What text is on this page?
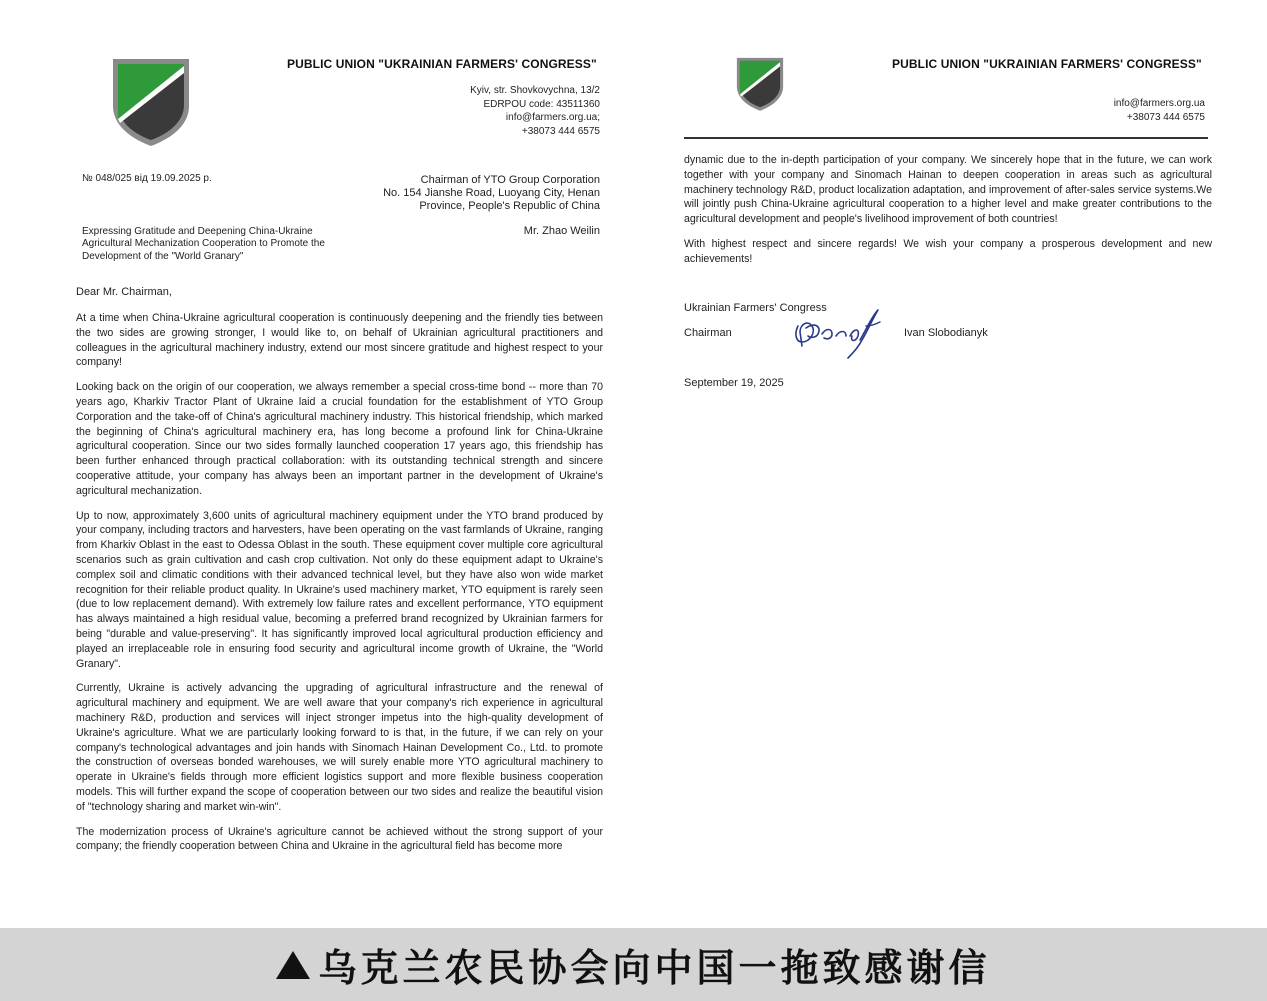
PUBLIC UNION "UKRAINIAN FARMERS' CONGRESS"
Kyiv, str. Shovkovychna, 13/2
EDRPOU code: 43511360
info@farmers.org.ua;
+38073 444 6575
№ 048/025 від 19.09.2025 р.	Chairman of YTO Group Corporation
No. 154 Jianshe Road, Luoyang City, Henan
Province, People's Republic of China
Mr. Zhao Weilin
Expressing Gratitude and Deepening China-Ukraine Agricultural Mechanization Cooperation to Promote the Development of the "World Granary"
Dear Mr. Chairman,

At a time when China-Ukraine agricultural cooperation is continuously deepening and the friendly ties between the two sides are growing stronger, I would like to, on behalf of Ukrainian agricultural practitioners and colleagues in the agricultural machinery industry, extend our most sincere gratitude and highest respect to your company!

Looking back on the origin of our cooperation, we always remember a special cross-time bond -- more than 70 years ago, Kharkiv Tractor Plant of Ukraine laid a crucial foundation for the establishment of YTO Group Corporation and the take-off of China's agricultural machinery industry. This historical friendship, which marked the beginning of China's agricultural machinery era, has long become a profound link for China-Ukraine agricultural cooperation. Since our two sides formally launched cooperation 17 years ago, this friendship has been further enhanced through practical collaboration: with its outstanding technical strength and sincere cooperative attitude, your company has always been an important partner in the development of Ukraine's agricultural mechanization.

Up to now, approximately 3,600 units of agricultural machinery equipment under the YTO brand produced by your company, including tractors and harvesters, have been operating on the vast farmlands of Ukraine, ranging from Kharkiv Oblast in the east to Odessa Oblast in the south. These equipment cover multiple core agricultural scenarios such as grain cultivation and cash crop cultivation. Not only do these equipment adapt to Ukraine's complex soil and climatic conditions with their advanced technical level, but they have also won wide market recognition for their reliable product quality. In Ukraine's used machinery market, YTO equipment is rarely seen (due to low replacement demand). With extremely low failure rates and excellent performance, YTO equipment has always maintained a high residual value, becoming a preferred brand recognized by Ukrainian farmers for being "durable and value-preserving". It has significantly improved local agricultural production efficiency and played an irreplaceable role in ensuring food security and agricultural income growth of Ukraine, the "World Granary".

Currently, Ukraine is actively advancing the upgrading of agricultural infrastructure and the renewal of agricultural machinery and equipment. We are well aware that your company's rich experience in agricultural machinery R&D, production and services will inject stronger impetus into the high-quality development of Ukraine's agriculture. What we are particularly looking forward to is that, in the future, if we can rely on your company's technological advantages and join hands with Sinomach Hainan Development Co., Ltd. to promote the construction of overseas bonded warehouses, we will surely enable more YTO agricultural machinery to operate in Ukraine's fields through more efficient logistics support and more flexible business cooperation models. This will further expand the scope of cooperation between our two sides and realize the beautiful vision of "technology sharing and market win-win".

The modernization process of Ukraine's agriculture cannot be achieved without the strong support of your company; the friendly cooperation between China and Ukraine in the agricultural field has become more

PUBLIC UNION "UKRAINIAN FARMERS' CONGRESS"
info@farmers.org.ua
+38073 444 6575

dynamic due to the in-depth participation of your company. We sincerely hope that in the future, we can work together with your company and Sinomach Hainan to deepen cooperation in areas such as agricultural machinery technology R&D, product localization adaptation, and improvement of after-sales service systems.We will jointly push China-Ukraine agricultural cooperation to a higher level and make greater contributions to the agricultural development and people's livelihood improvement of both countries!

With highest respect and sincere regards! We wish your company a prosperous development and new achievements!

Ukrainian Farmers' Congress
Chairman	Ivan Slobodianyk
September 19, 2025
乌克兰农民协会向中国一拖致感谢信
